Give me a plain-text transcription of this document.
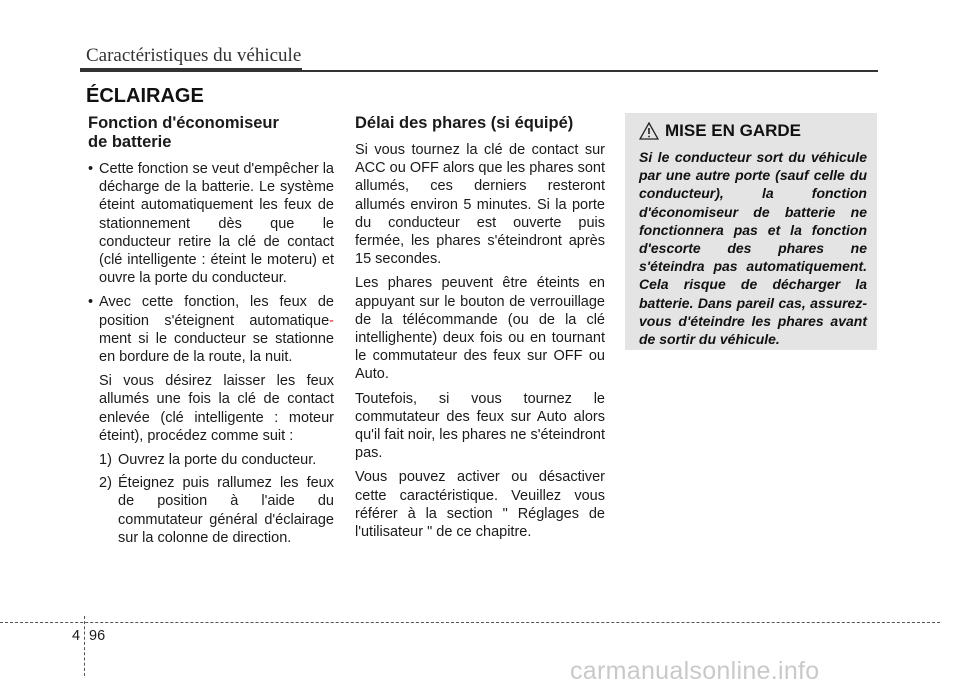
Caractéristiques du véhicule
ÉCLAIRAGE
Fonction d'économiseur
de batterie
• Cette fonction se veut d'empêcher la décharge de la batterie. Le système éteint automatiquement les feux de stationnement dès que le conducteur retire la clé de contact (clé intelligente : éteint le moteru) et ouvre la porte du conducteur.
• Avec cette fonction, les feux de position s'éteignent automatique- ment si le conducteur se stationne en bordure de la route, la nuit.

Si vous désirez laisser les feux allumés une fois la clé de contact enlevée (clé intelligente : moteur éteint), procédez comme suit :

1) Ouvrez la porte du conducteur.
2) Éteignez puis rallumez les feux de position à l'aide du commutateur général d'éclairage sur la colonne de direction.
Délai des phares (si équipé)

Si vous tournez la clé de contact sur ACC ou OFF alors que les phares sont allumés, ces derniers resteront allumés environ 5 minutes. Si la porte du conducteur est ouverte puis fermée, les phares s'éteindront après 15 secondes.

Les phares peuvent être éteints en appuyant sur le bouton de verrouillage de la télécommande (ou de la clé intellighente) deux fois ou en tournant le commutateur des feux sur OFF ou Auto.

Toutefois, si vous tournez le commutateur des feux sur Auto alors qu'il fait noir, les phares ne s'éteindront pas.

Vous pouvez activer ou désactiver cette caractéristique. Veuillez vous référer à la section " Réglages de l'utilisateur " de ce chapitre.

MISE EN GARDE
Si le conducteur sort du véhicule par une autre porte (sauf celle du conducteur), la fonction d'économiseur de batterie ne fonctionnera pas et la fonction d'escorte des phares ne s'éteindra pas automatiquement. Cela risque de décharger la batterie. Dans pareil cas, assurez-vous d'éteindre les phares avant de sortir du véhicule.
4 96
carmanualsonline.info
